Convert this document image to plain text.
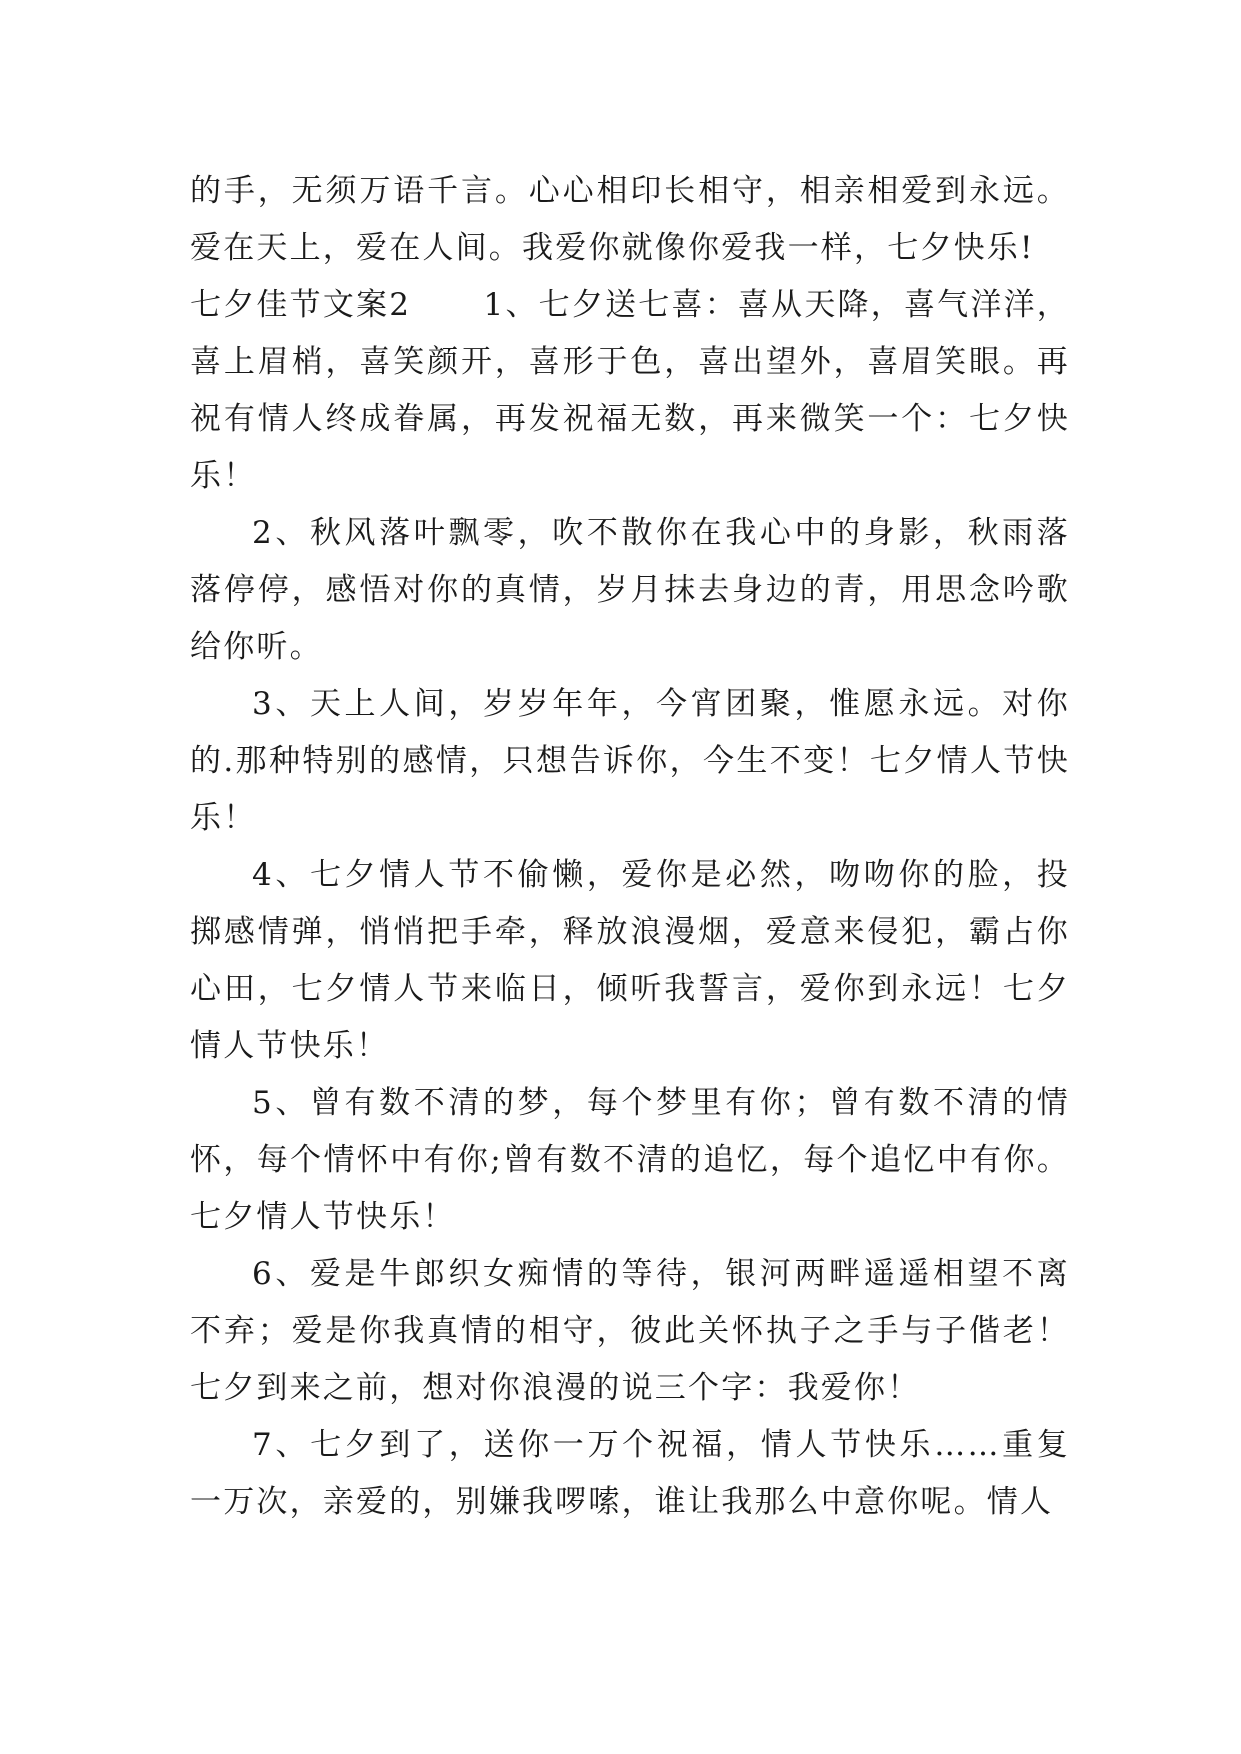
的手，无须万语千言。心心相印长相守，相亲相爱到永远。爱在天上，爱在人间。我爱你就像你爱我一样，七夕快乐!

七夕佳节文案2 1、七夕送七喜：喜从天降，喜气洋洋，喜上眉梢，喜笑颜开，喜形于色，喜出望外，喜眉笑眼。再祝有情人终成眷属，再发祝福无数，再来微笑一个：七夕快乐！

2、秋风落叶飘零，吹不散你在我心中的身影，秋雨落落停停，感悟对你的真情，岁月抹去身边的青，用思念吟歌给你听。

3、天上人间，岁岁年年，今宵团聚，惟愿永远。对你的.那种特别的感情，只想告诉你，今生不变！七夕情人节快乐！

4、七夕情人节不偷懒，爱你是必然，吻吻你的脸，投掷感情弹，悄悄把手牵，释放浪漫烟，爱意来侵犯，霸占你心田，七夕情人节来临日，倾听我誓言，爱你到永远！七夕情人节快乐！

5、曾有数不清的梦，每个梦里有你；曾有数不清的情怀，每个情怀中有你;曾有数不清的追忆，每个追忆中有你。七夕情人节快乐！

6、爱是牛郎织女痴情的等待，银河两畔遥遥相望不离不弃；爱是你我真情的相守，彼此关怀执子之手与子偕老！七夕到来之前，想对你浪漫的说三个字：我爱你！

7、七夕到了，送你一万个祝福，情人节快乐……重复一万次，亲爱的，别嫌我啰嗦，谁让我那么中意你呢。情人
